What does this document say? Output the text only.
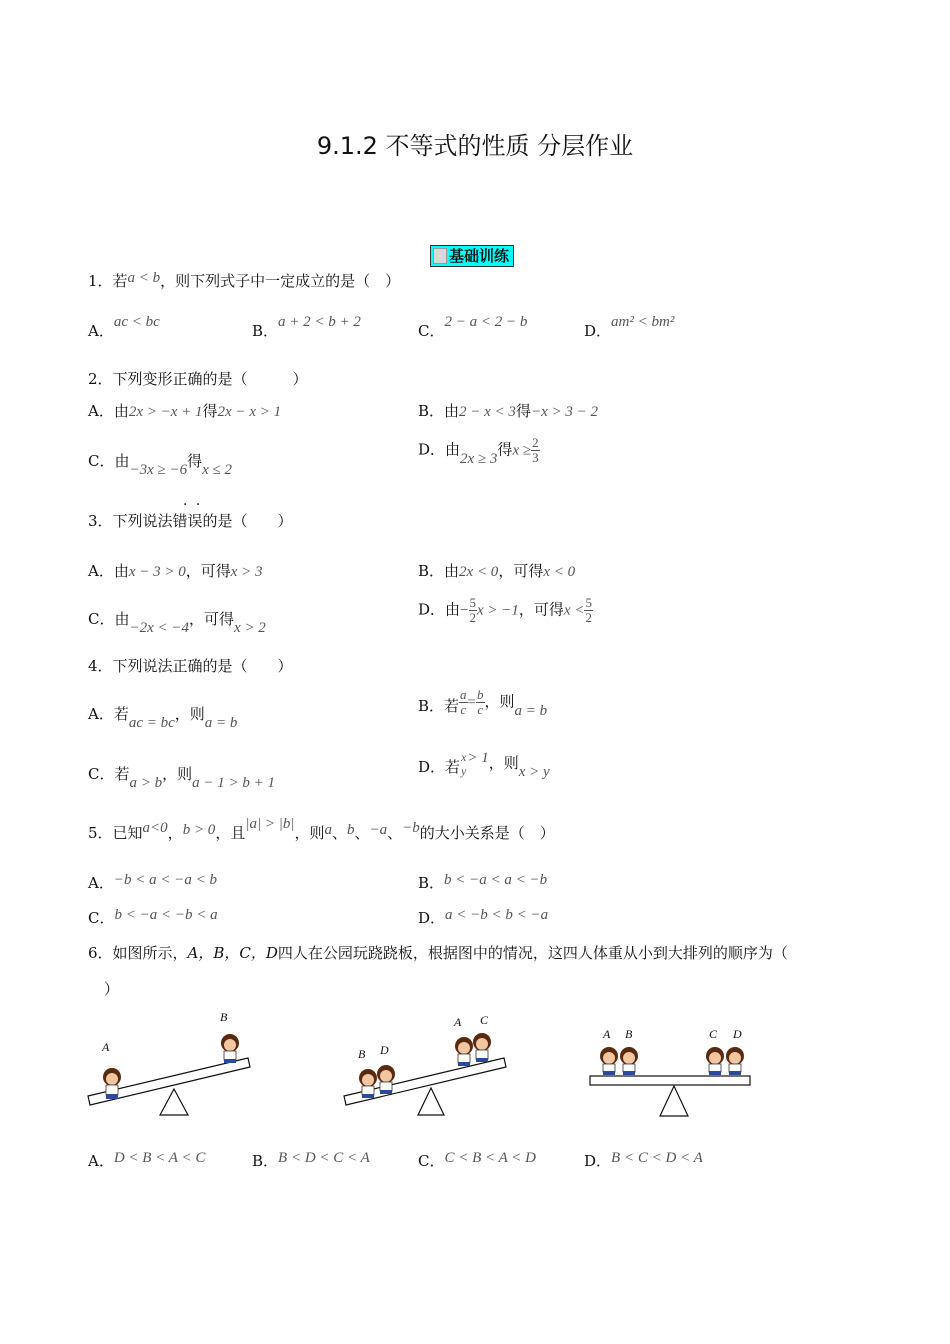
9.1.2 不等式的性质 分层作业
基础训练
1．若a < b，则下列式子中一定成立的是（　）
A．ac < bc	B．a + 2 < b + 2	C．2 − a < 2 − b	D．am² < bm²
2．下列变形正确的是（　　　）
A．由2x > −x + 1得2x − x > 1	B．由2 − x < 3得−x > 3 − 2
C．由−3x ≥ −6得x ≤ 2
D．由2x ≥ 3得$x \ge \frac{2}{3}$
· ·
3．下列说法错误的是（　　）
A．由x − 3 > 0，可得x > 3	B．由2x < 0，可得x < 0
C．由−2x < −4，可得x > 2
D．由− $\frac{5}{2}$ x > −1，可得$x < \frac{5}{2}$
4．下列说法正确的是（　　）
A．若ac = bc，则a = b
B．若 $\frac{a}{c} = \frac{b}{c}$ ，则a = b
C．若a > b，则a − 1 > b + 1
D．若
x
y
> 1，则x > y
5．已知a<0，b > 0，且|a| > |b|，则a、b、−a、−b的大小关系是（　）
A．−b < a < −a < b	B．b < −a < a < −b
C．b < −a < −b < a	D．a < −b < b < −a
6．如图所示，A，B，C，D四人在公园玩跷跷板，根据图中的情况，这四人体重从小到大排列的顺序为（
）
A
B
B D
A C
A B	C D
A．D < B < A < C	B．B < D < C < A	C．C < B < A < D	D．B < C < D < A
